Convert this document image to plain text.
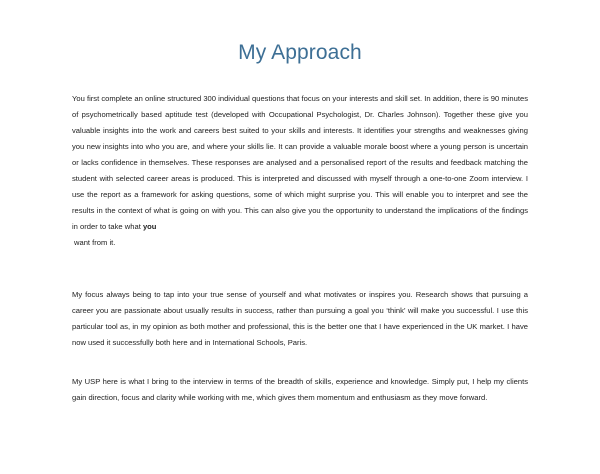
My Approach

You first complete an online structured 300 individual questions that focus on your interests and skill set. In addition, there is 90 minutes of psychometrically based aptitude test (developed with Occupational Psychologist, Dr. Charles Johnson). Together these give you valuable insights into the work and careers best suited to your skills and interests. It identifies your strengths and weaknesses giving you new insights into who you are, and where your skills lie. It can provide a valuable morale boost where a young person is uncertain or lacks confidence in themselves. These responses are analysed and a personalised report of the results and feedback matching the student with selected career areas is produced. This is interpreted and discussed with myself through a one-to-one Zoom interview. I use the report as a framework for asking questions, some of which might surprise you. This will enable you to interpret and see the results in the context of what is going on with you. This can also give you the opportunity to understand the implications of the findings in order to take what you
want from it.

My focus always being to tap into your true sense of yourself and what motivates or inspires you. Research shows that pursuing a career you are passionate about usually results in success, rather than pursuing a goal you ‘think’ will make you successful. I use this particular tool as, in my opinion as both mother and professional, this is the better one that I have experienced in the UK market. I have now used it successfully both here and in International Schools, Paris.

My USP here is what I bring to the interview in terms of the breadth of skills, experience and knowledge. Simply put, I help my clients gain direction, focus and clarity while working with me, which gives them momentum and enthusiasm as they move forward.
